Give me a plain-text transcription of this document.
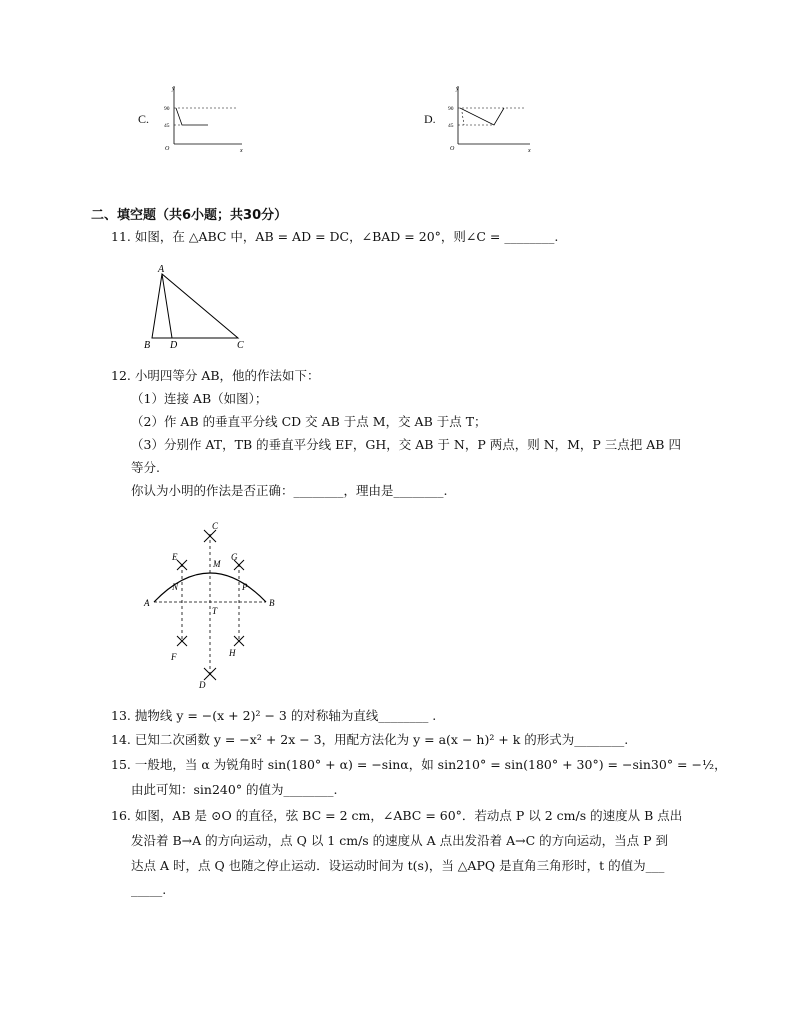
C.
y
x
O
90
45	D.
y
x
O
90
45
二、填空题（共6小题；共30分）
11. 如图，在 △ABC 中，AB = AD = DC，∠BAD = 20°，则∠C = ________.
A
B D	C
12. 小明四等分 AB，他的作法如下：
（1）连接 AB（如图）；
（2）作 AB 的垂直平分线 CD 交 AB 于点 M，交 AB 于点 T；
（3）分别作 AT，TB 的垂直平分线 EF，GH，交 AB 于 N，P 两点，则 N，M，P 三点把 AB 四
等分.
你认为小明的作法是否正确：________，理由是________.
C
E
M
G
N	P
A
T
B
F	H
D
13. 抛物线 y = −(x + 2)² − 3 的对称轴为直线________ .
14. 已知二次函数 y = −x² + 2x − 3，用配方法化为 y = a(x − h)² + k 的形式为________.
15. 一般地，当 α 为锐角时 sin(180° + α) = −sinα，如 sin210° = sin(180° + 30°) = −sin30° = −½，
由此可知：sin240° 的值为________.
16. 如图，AB 是 ⊙O 的直径，弦 BC = 2 cm，∠ABC = 60°．若动点 P 以 2 cm/s 的速度从 B 点出
发沿着 B→A 的方向运动，点 Q 以 1 cm/s 的速度从 A 点出发沿着 A→C 的方向运动，当点 P 到
达点 A 时，点 Q 也随之停止运动．设运动时间为 t(s)，当 △APQ 是直角三角形时，t 的值为___
_____.
